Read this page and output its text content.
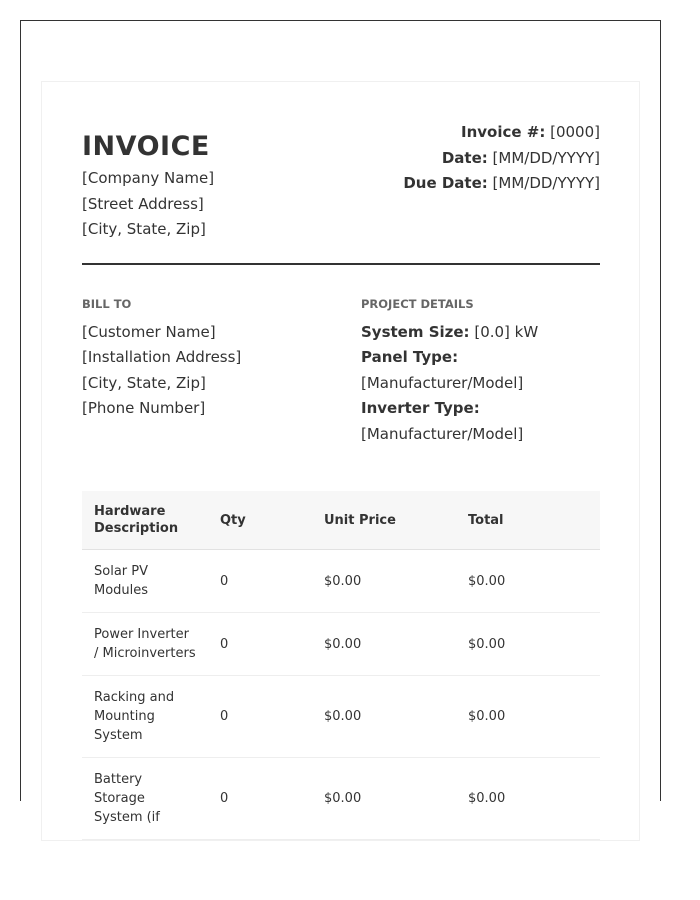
INVOICE
[Company Name]
[Street Address]
[City, State, Zip]
Invoice #: [0000]
Date: [MM/DD/YYYY]
Due Date: [MM/DD/YYYY]
BILL TO
[Customer Name]
[Installation Address]
[City, State, Zip]
[Phone Number]
PROJECT DETAILS
System Size: [0.0] kW
Panel Type:
[Manufacturer/Model]
Inverter Type:
[Manufacturer/Model]
Hardware Description	Qty	Unit Price	Total
Solar PV Modules	0	$0.00	$0.00
Power Inverter / Microinverters	0	$0.00	$0.00
Racking and Mounting System	0	$0.00	$0.00
Battery Storage System (if	0	$0.00	$0.00
